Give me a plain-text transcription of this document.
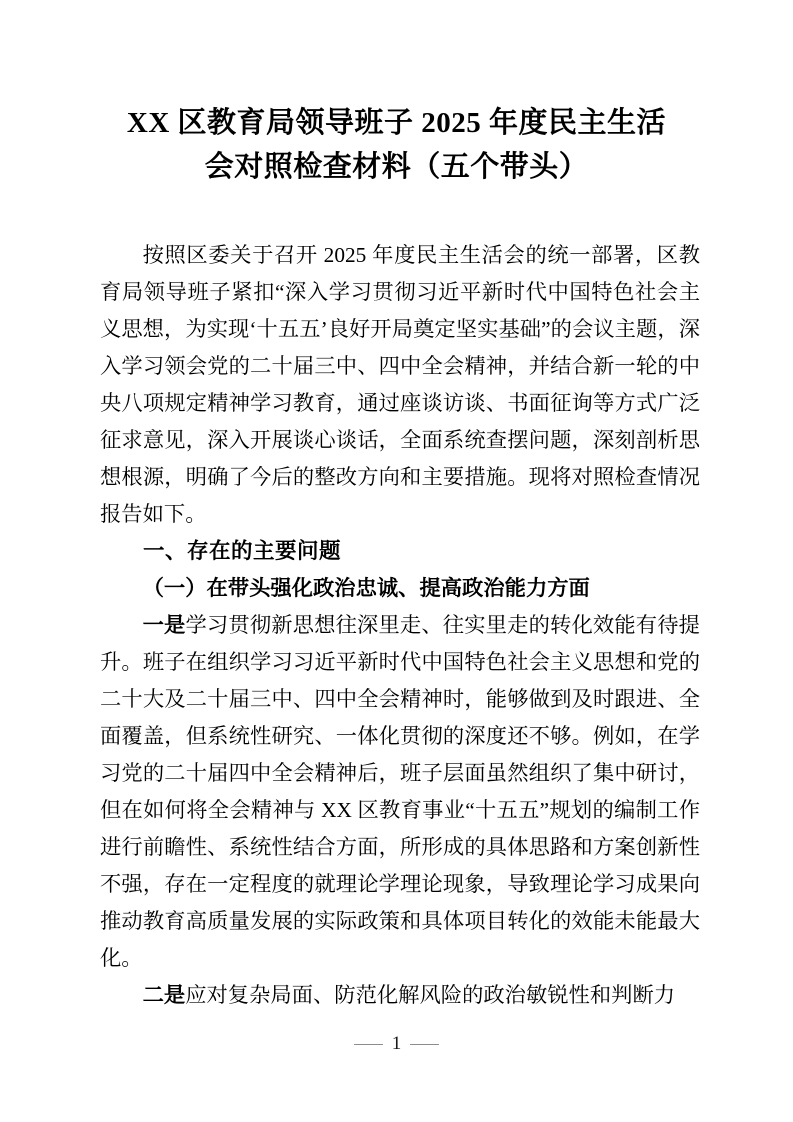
XX 区教育局领导班子 2025 年度民主生活
会对照检查材料（五个带头）

按照区委关于召开 2025 年度民主生活会的统一部署，区教育局领导班子紧扣“深入学习贯彻习近平新时代中国特色社会主义思想，为实现‘十五五’良好开局奠定坚实基础”的会议主题，深入学习领会党的二十届三中、四中全会精神，并结合新一轮的中央八项规定精神学习教育，通过座谈访谈、书面征询等方式广泛征求意见，深入开展谈心谈话，全面系统查摆问题，深刻剖析思想根源，明确了今后的整改方向和主要措施。现将对照检查情况报告如下。

一、存在的主要问题
（一）在带头强化政治忠诚、提高政治能力方面

一是学习贯彻新思想往深里走、往实里走的转化效能有待提升。班子在组织学习习近平新时代中国特色社会主义思想和党的二十大及二十届三中、四中全会精神时，能够做到及时跟进、全面覆盖，但系统性研究、一体化贯彻的深度还不够。例如，在学习党的二十届四中全会精神后，班子层面虽然组织了集中研讨，但在如何将全会精神与 XX 区教育事业“十五五”规划的编制工作进行前瞻性、系统性结合方面，所形成的具体思路和方案创新性不强，存在一定程度的就理论学理论现象，导致理论学习成果向推动教育高质量发展的实际政策和具体项目转化的效能未能最大化。

二是应对复杂局面、防范化解风险的政治敏锐性和判断力

— 1 —
